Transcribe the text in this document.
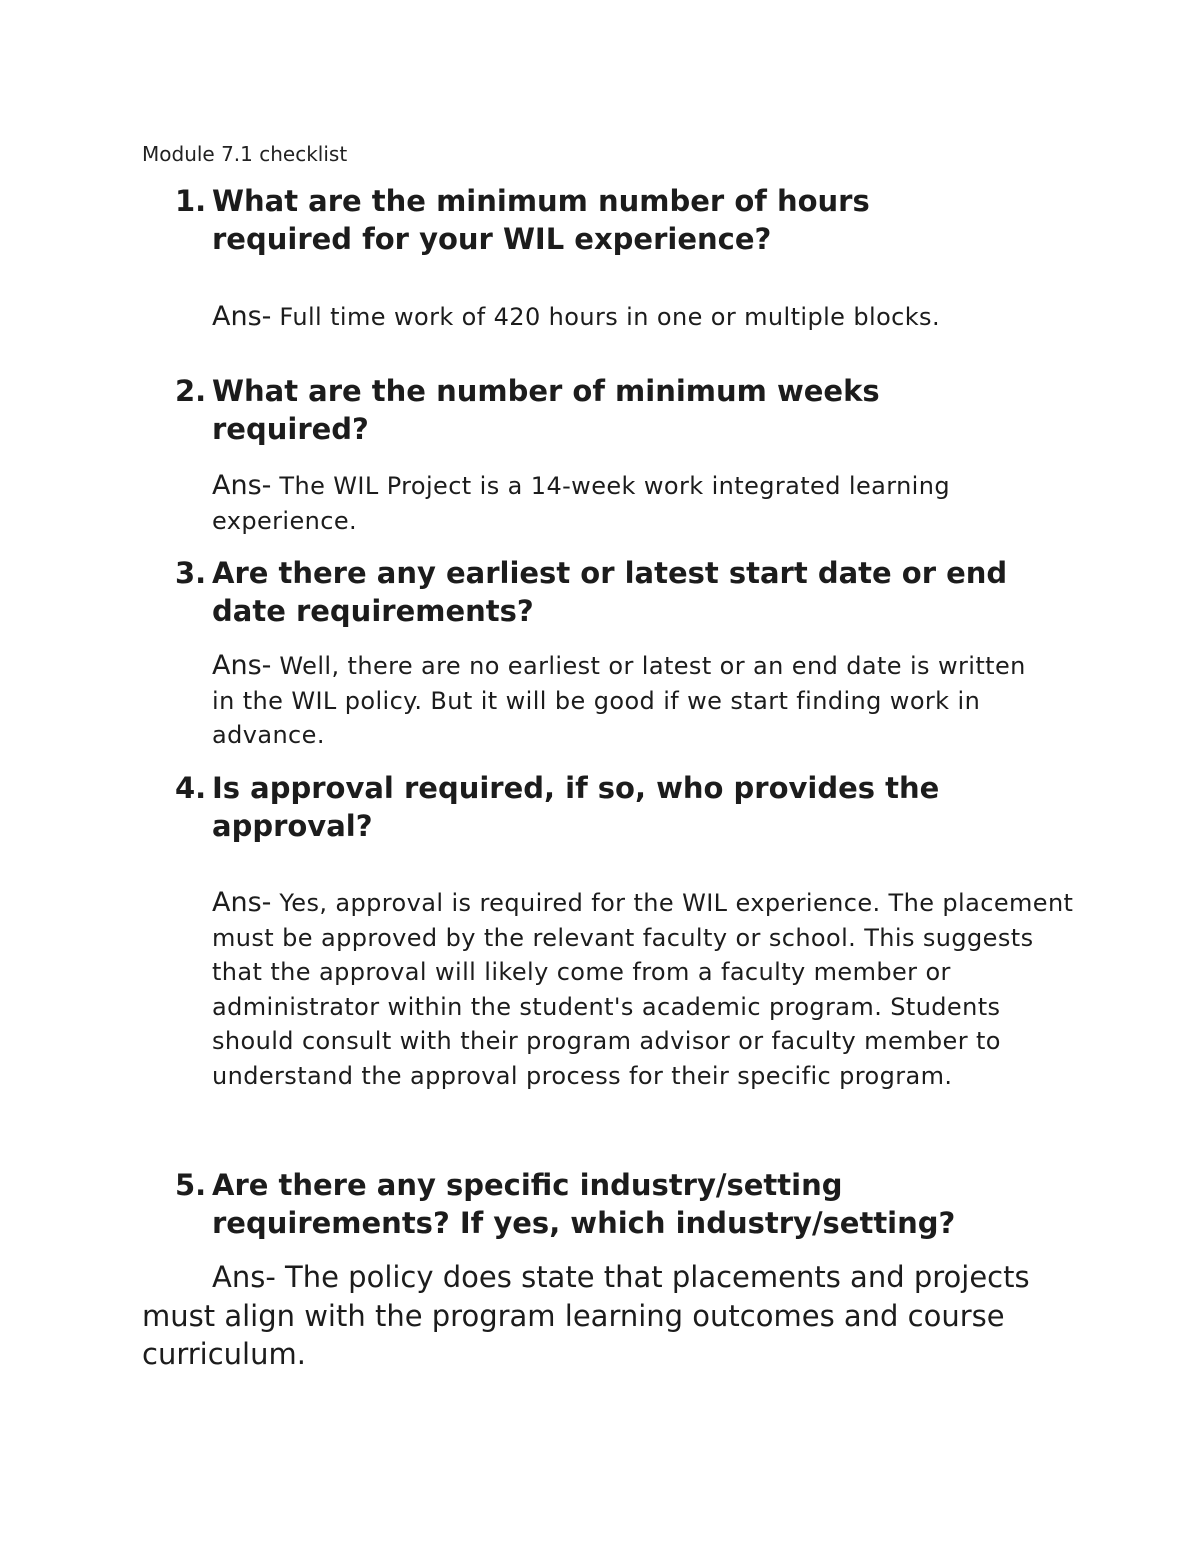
Module 7.1 checklist
1. What are the minimum number of hours required for your WIL experience?
Ans- Full time work of 420 hours in one or multiple blocks.
2. What are the number of minimum weeks required?
Ans- The WIL Project is a 14-week work integrated learning experience.
3. Are there any earliest or latest start date or end date requirements?
Ans- Well, there are no earliest or latest or an end date is written in the WIL policy. But it will be good if we start finding work in advance.
4. Is approval required, if so, who provides the approval?
Ans- Yes, approval is required for the WIL experience. The placement must be approved by the relevant faculty or school. This suggests that the approval will likely come from a faculty member or administrator within the student's academic program. Students should consult with their program advisor or faculty member to understand the approval process for their specific program.
5. Are there any specific industry/setting requirements? If yes, which industry/setting?
Ans- The policy does state that placements and projects must align with the program learning outcomes and course curriculum.
